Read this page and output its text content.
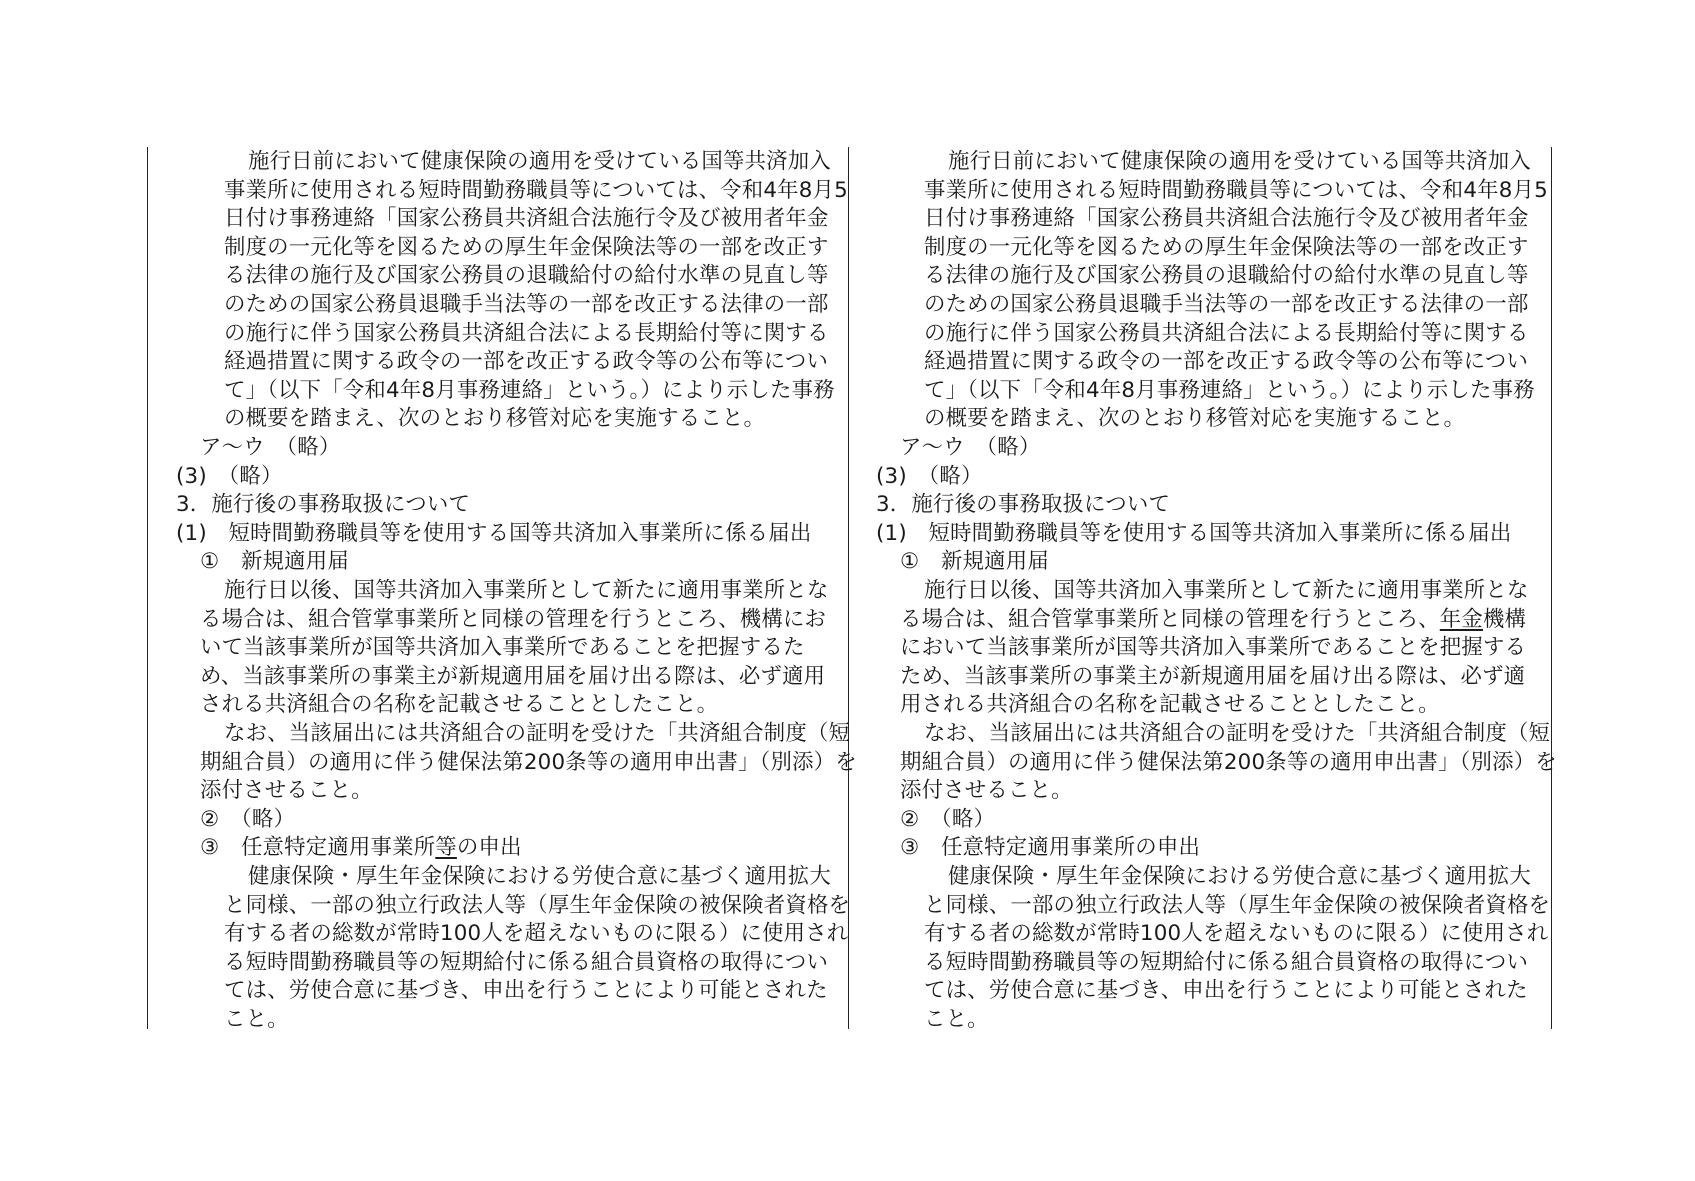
施行日前において健康保険の適用を受けている国等共済加入
事業所に使用される短時間勤務職員等については、令和4年8月5
日付け事務連絡「国家公務員共済組合法施行令及び被用者年金
制度の一元化等を図るための厚生年金保険法等の一部を改正す
る法律の施行及び国家公務員の退職給付の給付水準の見直し等
のための国家公務員退職手当法等の一部を改正する法律の一部
の施行に伴う国家公務員共済組合法による長期給付等に関する
経過措置に関する政令の一部を改正する政令等の公布等につい
て」（以下「令和4年8月事務連絡」という。）により示した事務
の概要を踏まえ、次のとおり移管対応を実施すること。
ア～ウ　（略）
(3)　（略）
3．施行後の事務取扱について
(1)　短時間勤務職員等を使用する国等共済加入事業所に係る届出
①　新規適用届
施行日以後、国等共済加入事業所として新たに適用事業所とな
る場合は、組合管掌事業所と同様の管理を行うところ、機構にお
いて当該事業所が国等共済加入事業所であることを把握するた
め、当該事業所の事業主が新規適用届を届け出る際は、必ず適用
される共済組合の名称を記載させることとしたこと。
なお、当該届出には共済組合の証明を受けた「共済組合制度（短
期組合員）の適用に伴う健保法第200条等の適用申出書」（別添）を
添付させること。
②　（略）
③　任意特定適用事業所等の申出
健康保険・厚生年金保険における労使合意に基づく適用拡大
と同様、一部の独立行政法人等（厚生年金保険の被保険者資格を
有する者の総数が常時100人を超えないものに限る）に使用され
る短時間勤務職員等の短期給付に係る組合員資格の取得につい
ては、労使合意に基づき、申出を行うことにより可能とされた
こと。
施行日前において健康保険の適用を受けている国等共済加入
事業所に使用される短時間勤務職員等については、令和4年8月5
日付け事務連絡「国家公務員共済組合法施行令及び被用者年金
制度の一元化等を図るための厚生年金保険法等の一部を改正す
る法律の施行及び国家公務員の退職給付の給付水準の見直し等
のための国家公務員退職手当法等の一部を改正する法律の一部
の施行に伴う国家公務員共済組合法による長期給付等に関する
経過措置に関する政令の一部を改正する政令等の公布等につい
て」（以下「令和4年8月事務連絡」という。）により示した事務
の概要を踏まえ、次のとおり移管対応を実施すること。
ア～ウ　（略）
(3)　（略）
3．施行後の事務取扱について
(1)　短時間勤務職員等を使用する国等共済加入事業所に係る届出
①　新規適用届
施行日以後、国等共済加入事業所として新たに適用事業所とな
る場合は、組合管掌事業所と同様の管理を行うところ、年金機構
において当該事業所が国等共済加入事業所であることを把握する
ため、当該事業所の事業主が新規適用届を届け出る際は、必ず適
用される共済組合の名称を記載させることとしたこと。
なお、当該届出には共済組合の証明を受けた「共済組合制度（短
期組合員）の適用に伴う健保法第200条等の適用申出書」（別添）を
添付させること。
②　（略）
③　任意特定適用事業所の申出
健康保険・厚生年金保険における労使合意に基づく適用拡大
と同様、一部の独立行政法人等（厚生年金保険の被保険者資格を
有する者の総数が常時100人を超えないものに限る）に使用され
る短時間勤務職員等の短期給付に係る組合員資格の取得につい
ては、労使合意に基づき、申出を行うことにより可能とされた
こと。
